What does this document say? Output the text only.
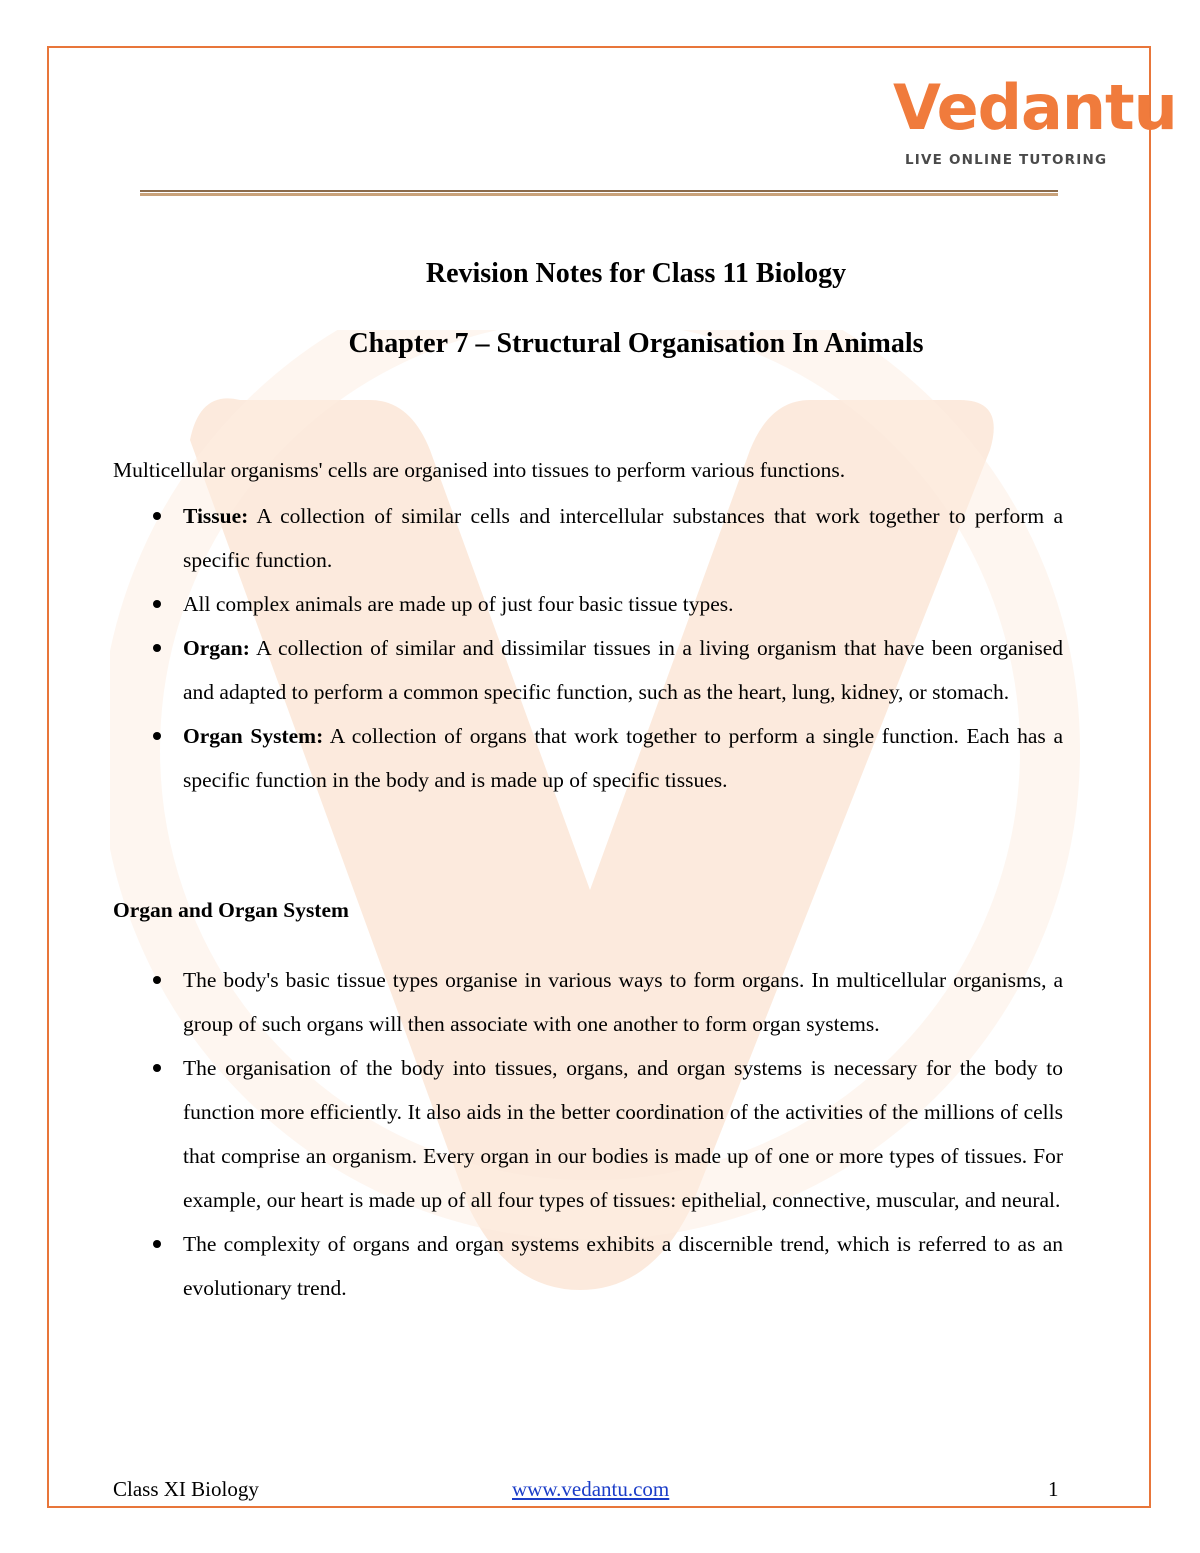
Vedantu
LIVE ONLINE TUTORING
Revision Notes for Class 11 Biology
Chapter 7 – Structural Organisation In Animals
Multicellular organisms' cells are organised into tissues to perform various functions.
Tissue: A collection of similar cells and intercellular substances that work together to perform a specific function.
All complex animals are made up of just four basic tissue types.
Organ: A collection of similar and dissimilar tissues in a living organism that have been organised and adapted to perform a common specific function, such as the heart, lung, kidney, or stomach.
Organ System: A collection of organs that work together to perform a single function. Each has a specific function in the body and is made up of specific tissues.
Organ and Organ System
The body's basic tissue types organise in various ways to form organs. In multicellular organisms, a group of such organs will then associate with one another to form organ systems.
The organisation of the body into tissues, organs, and organ systems is necessary for the body to function more efficiently. It also aids in the better coordination of the activities of the millions of cells that comprise an organism. Every organ in our bodies is made up of one or more types of tissues. For example, our heart is made up of all four types of tissues: epithelial, connective, muscular, and neural.
The complexity of organs and organ systems exhibits a discernible trend, which is referred to as an evolutionary trend.
Class XI Biology	www.vedantu.com	1
